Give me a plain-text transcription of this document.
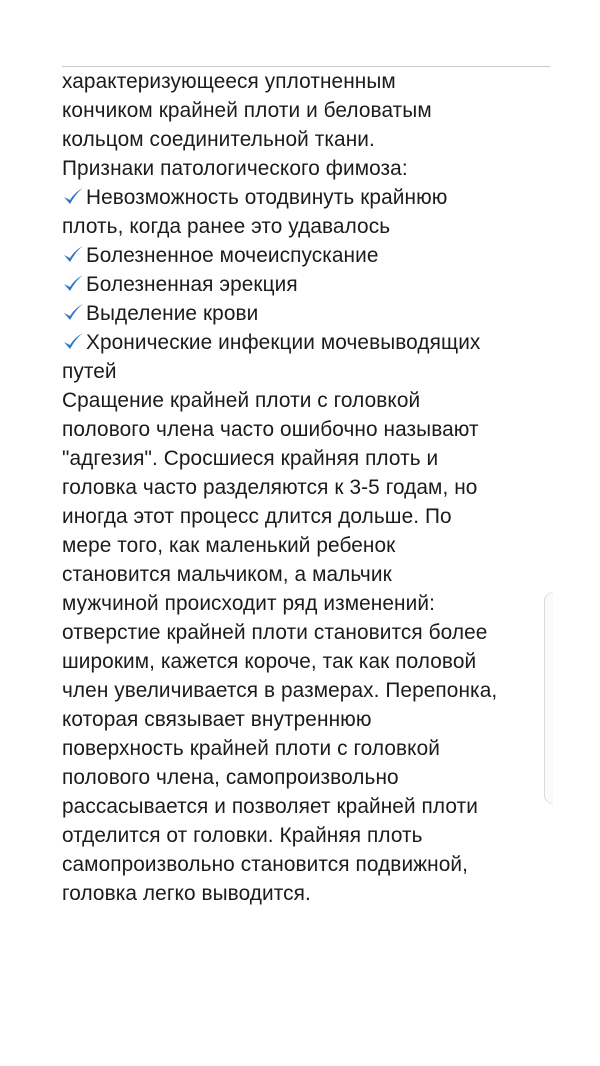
характеризующееся уплотненным
кончиком крайней плоти и беловатым
кольцом соединительной ткани.
Признаки патологического фимоза:
Невозможность отодвинуть крайнюю
плоть, когда ранее это удавалось
Болезненное мочеиспускание
Болезненная эрекция
Выделение крови
Хронические инфекции мочевыводящих
путей
Сращение крайней плоти с головкой
полового члена часто ошибочно называют
"адгезия". Сросшиеся крайняя плоть и
головка часто разделяются к 3-5 годам, но
иногда этот процесс длится дольше. По
мере того, как маленький ребенок
становится мальчиком, а мальчик
мужчиной происходит ряд изменений:
отверстие крайней плоти становится более
широким, кажется короче, так как половой
член увеличивается в размерах. Перепонка,
которая связывает внутреннюю
поверхность крайней плоти с головкой
полового члена, самопроизвольно
рассасывается и позволяет крайней плоти
отделится от головки. Крайняя плоть
самопроизвольно становится подвижной,
головка легко выводится.
